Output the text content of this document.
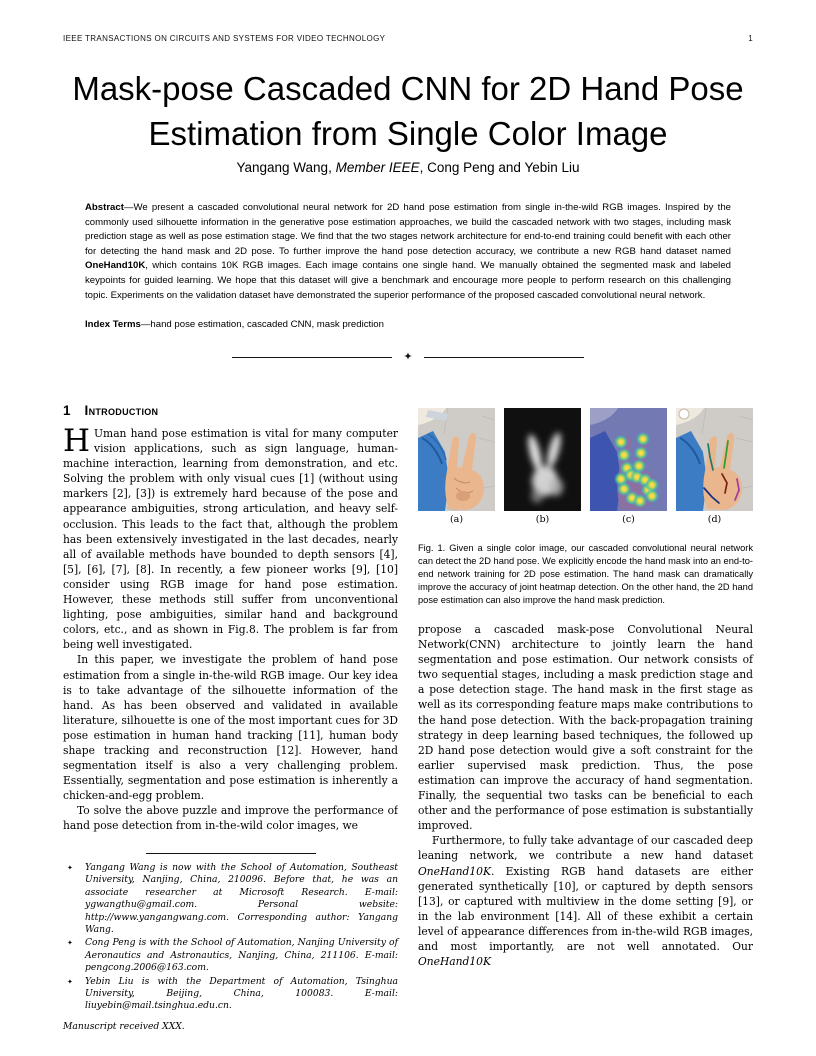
IEEE TRANSACTIONS ON CIRCUITS AND SYSTEMS FOR VIDEO TECHNOLOGY	1
Mask-pose Cascaded CNN for 2D Hand Pose
Estimation from Single Color Image
Yangang Wang, Member IEEE, Cong Peng and Yebin Liu

Abstract—We present a cascaded convolutional neural network for 2D hand pose estimation from single in-the-wild RGB images. Inspired by the commonly used silhouette information in the generative pose estimation approaches, we build the cascaded network with two stages, including mask prediction stage as well as pose estimation stage. We find that the two stages network architecture for end-to-end training could benefit with each other for detecting the hand mask and 2D pose. To further improve the hand pose detection accuracy, we contribute a new RGB hand dataset named OneHand10K, which contains 10K RGB images. Each image contains one single hand. We manually obtained the segmented mask and labeled keypoints for guided learning. We hope that this dataset will give a benchmark and encourage more people to perform research on this challenging topic. Experiments on the validation dataset have demonstrated the superior performance of the proposed cascaded convolutional neural network.

Index Terms—hand pose estimation, cascaded CNN, mask prediction

✦
1 Introduction

H Uman hand pose estimation is vital for many computer vision applications, such as sign language, human-machine interaction, learning from demonstration, and etc. Solving the problem with only visual cues [1] (without using markers [2], [3]) is extremely hard because of the pose and appearance ambiguities, strong articulation, and heavy self-occlusion. This leads to the fact that, although the problem has been extensively investigated in the last decades, nearly all of available methods have bounded to depth sensors [4], [5], [6], [7], [8]. In recently, a few pioneer works [9], [10] consider using RGB image for hand pose estimation. However, these methods still suffer from unconventional lighting, pose ambiguities, similar hand and background colors, etc., and as shown in Fig.8. The problem is far from being well investigated.

In this paper, we investigate the problem of hand pose estimation from a single in-the-wild RGB image. Our key idea is to take advantage of the silhouette information of the hand. As has been observed and validated in available literature, silhouette is one of the most important cues for 3D pose estimation in human hand tracking [11], human body shape tracking and reconstruction [12]. However, hand segmentation itself is also a very challenging problem. Essentially, segmentation and pose estimation is inherently a chicken-and-egg problem.

To solve the above puzzle and improve the performance of hand pose detection from in-the-wild color images, we

✦	Yangang Wang is now with the School of Automation, Southeast University, Nanjing, China, 210096. Before that, he was an associate researcher at Microsoft Research. E-mail: ygwangthu@gmail.com. Personal website: http://www.yangangwang.com. Corresponding author: Yangang Wang.
✦	Cong Peng is with the School of Automation, Nanjing University of Aeronautics and Astronautics, Nanjing, China, 211106. E-mail: pengcong.2006@163.com.
✦	Yebin Liu is with the Department of Automation, Tsinghua University, Beijing, China, 100083. E-mail: liuyebin@mail.tsinghua.edu.cn.
Manuscript received XXX.
(a)	(b)	(c)	(d)
Fig. 1. Given a single color image, our cascaded convolutional neural network can detect the 2D hand pose. We explicitly encode the hand mask into an end-to-end network training for 2D pose estimation. The hand mask can dramatically improve the accuracy of joint heatmap detection. On the other hand, the 2D hand pose estimation can also improve the hand mask prediction.

propose a cascaded mask-pose Convolutional Neural Network(CNN) architecture to jointly learn the hand segmentation and pose estimation. Our network consists of two sequential stages, including a mask prediction stage and a pose detection stage. The hand mask in the first stage as well as its corresponding feature maps make contributions to the hand pose detection. With the back-propagation training strategy in deep learning based techniques, the followed up 2D hand pose detection would give a soft constraint for the earlier supervised mask prediction. Thus, the pose estimation can improve the accuracy of hand segmentation. Finally, the sequential two tasks can be beneficial to each other and the performance of pose estimation is substantially improved.

Furthermore, to fully take advantage of our cascaded deep leaning network, we contribute a new hand dataset OneHand10K. Existing RGB hand datasets are either generated synthetically [10], or captured by depth sensors [13], or captured with multiview in the dome setting [9], or in the lab environment [14]. All of these exhibit a certain level of appearance differences from in-the-wild RGB images, and most importantly, are not well annotated. Our OneHand10K
